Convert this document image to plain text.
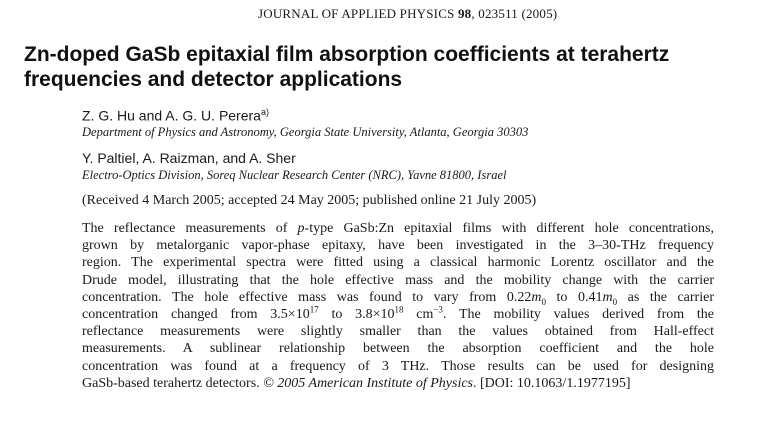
JOURNAL OF APPLIED PHYSICS 98, 023511 (2005)
Zn-doped GaSb epitaxial film absorption coefficients at terahertz frequencies and detector applications
Z. G. Hu and A. G. U. Perera$^{a)}$
Department of Physics and Astronomy, Georgia State University, Atlanta, Georgia 30303
Y. Paltiel, A. Raizman, and A. Sher
Electro-Optics Division, Soreq Nuclear Research Center (NRC), Yavne 81800, Israel
(Received 4 March 2005; accepted 24 May 2005; published online 21 July 2005)
The reflectance measurements of p-type GaSb:Zn epitaxial films with different hole concentrations,
grown by metalorganic vapor-phase epitaxy, have been investigated in the 3–30-THz frequency
region. The experimental spectra were fitted using a classical harmonic Lorentz oscillator and the
Drude model, illustrating that the hole effective mass and the mobility change with the carrier
concentration. The hole effective mass was found to vary from $0.22m_0$ to $0.41m_0$ as the carrier
concentration changed from $3.5\times 10^{17}$ to $3.8\times 10^{18}$ $cm^{-3}$. The mobility values derived from the
reflectance measurements were slightly smaller than the values obtained from Hall-effect
measurements. A sublinear relationship between the absorption coefficient and the hole
concentration was found at a frequency of 3 THz. Those results can be used for designing
GaSb-based terahertz detectors. © 2005 American Institute of Physics. [DOI: 10.1063/1.1977195]
